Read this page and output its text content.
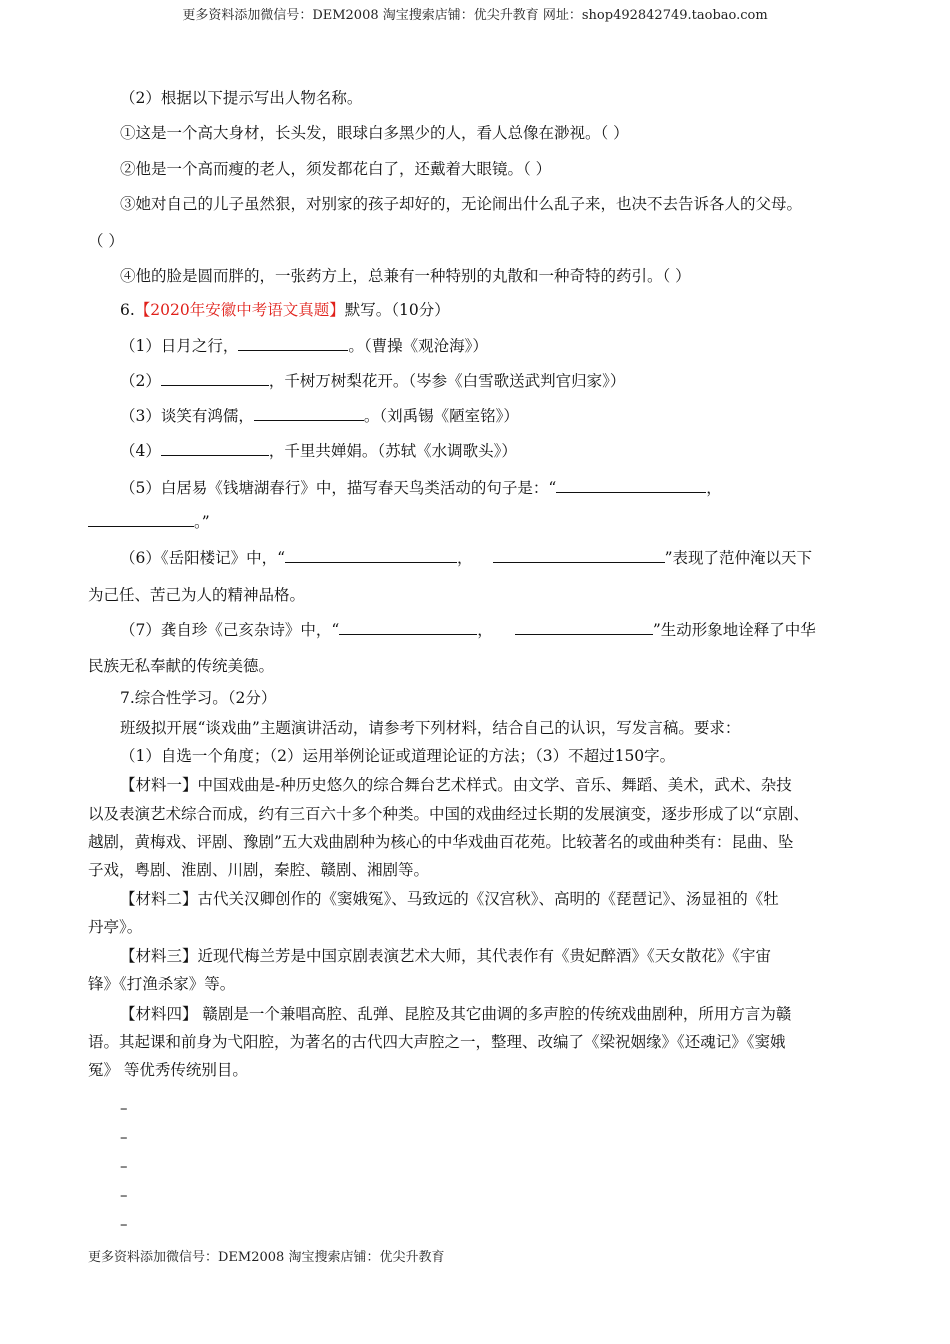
更多资料添加微信号：DEM2008 淘宝搜索店铺：优尖升教育 网址：shop492842749.taobao.com
（2）根据以下提示写出人物名称。
①这是一个高大身材，长头发，眼球白多黑少的人，看人总像在渺视。（ ）
②他是一个高而瘦的老人，须发都花白了，还戴着大眼镜。（ ）
③她对自己的儿子虽然狠，对别家的孩子却好的，无论闹出什么乱子来，也决不去告诉各人的父母。
（ ）
④他的脸是圆而胖的，一张药方上，总兼有一种特别的丸散和一种奇特的药引。（ ）
6.【2020年安徽中考语文真题】默写。（10分）
（1）日月之行，	。（曹操《观沧海》）
（2）	，千树万树梨花开。（岑参《白雪歌送武判官归家》）
（3）谈笑有鸿儒，	。（刘禹锡《陋室铭》）
（4）	，千里共婵娟。（苏轼《水调歌头》）
（5）白居易《钱塘湖春行》中，描写春天鸟类活动的句子是：“	，
。”
（6）《岳阳楼记》中，“	，	”表现了范仲淹以天下
为己任、苦己为人的精神品格。
（7）龚自珍《己亥杂诗》中，“	，	”生动形象地诠释了中华
民族无私奉献的传统美德。
7.综合性学习。（2分）
班级拟开展“谈戏曲”主题演讲活动，请参考下列材料，结合自己的认识，写发言稿。要求：
（1）自选一个角度；（2）运用举例论证或道理论证的方法；（3）不超过150字。
【材料一】中国戏曲是-种历史悠久的综合舞台艺术样式。由文学、音乐、舞蹈、美术，武术、杂技
以及表演艺术综合而成，约有三百六十多个种类。中国的戏曲经过长期的发展演变，逐步形成了以“京剧、
越剧，黄梅戏、评剧、豫剧”五大戏曲剧种为核心的中华戏曲百花苑。比较著名的或曲种类有：昆曲、坠
子戏，粤剧、淮剧、川剧，秦腔、赣剧、湘剧等。
【材料二】古代关汉卿创作的《窦娥冤》、马致远的《汉宫秋》、高明的《琵琶记》、汤显祖的《牡
丹亭》。
【材料三】近现代梅兰芳是中国京剧表演艺术大师，其代表作有《贵妃醉酒》《天女散花》《宇宙
锋》《打渔杀家》等。
【材料四】 赣剧是一个兼唱高腔、乱弹、昆腔及其它曲调的多声腔的传统戏曲剧种，所用方言为赣
语。其起课和前身为弋阳腔，为著名的古代四大声腔之一，整理、改编了《梁祝姻缘》《还魂记》《窦娥
冤》 等优秀传统别目。
–
–
–
–
–
更多资料添加微信号：DEM2008 淘宝搜索店铺：优尖升教育
